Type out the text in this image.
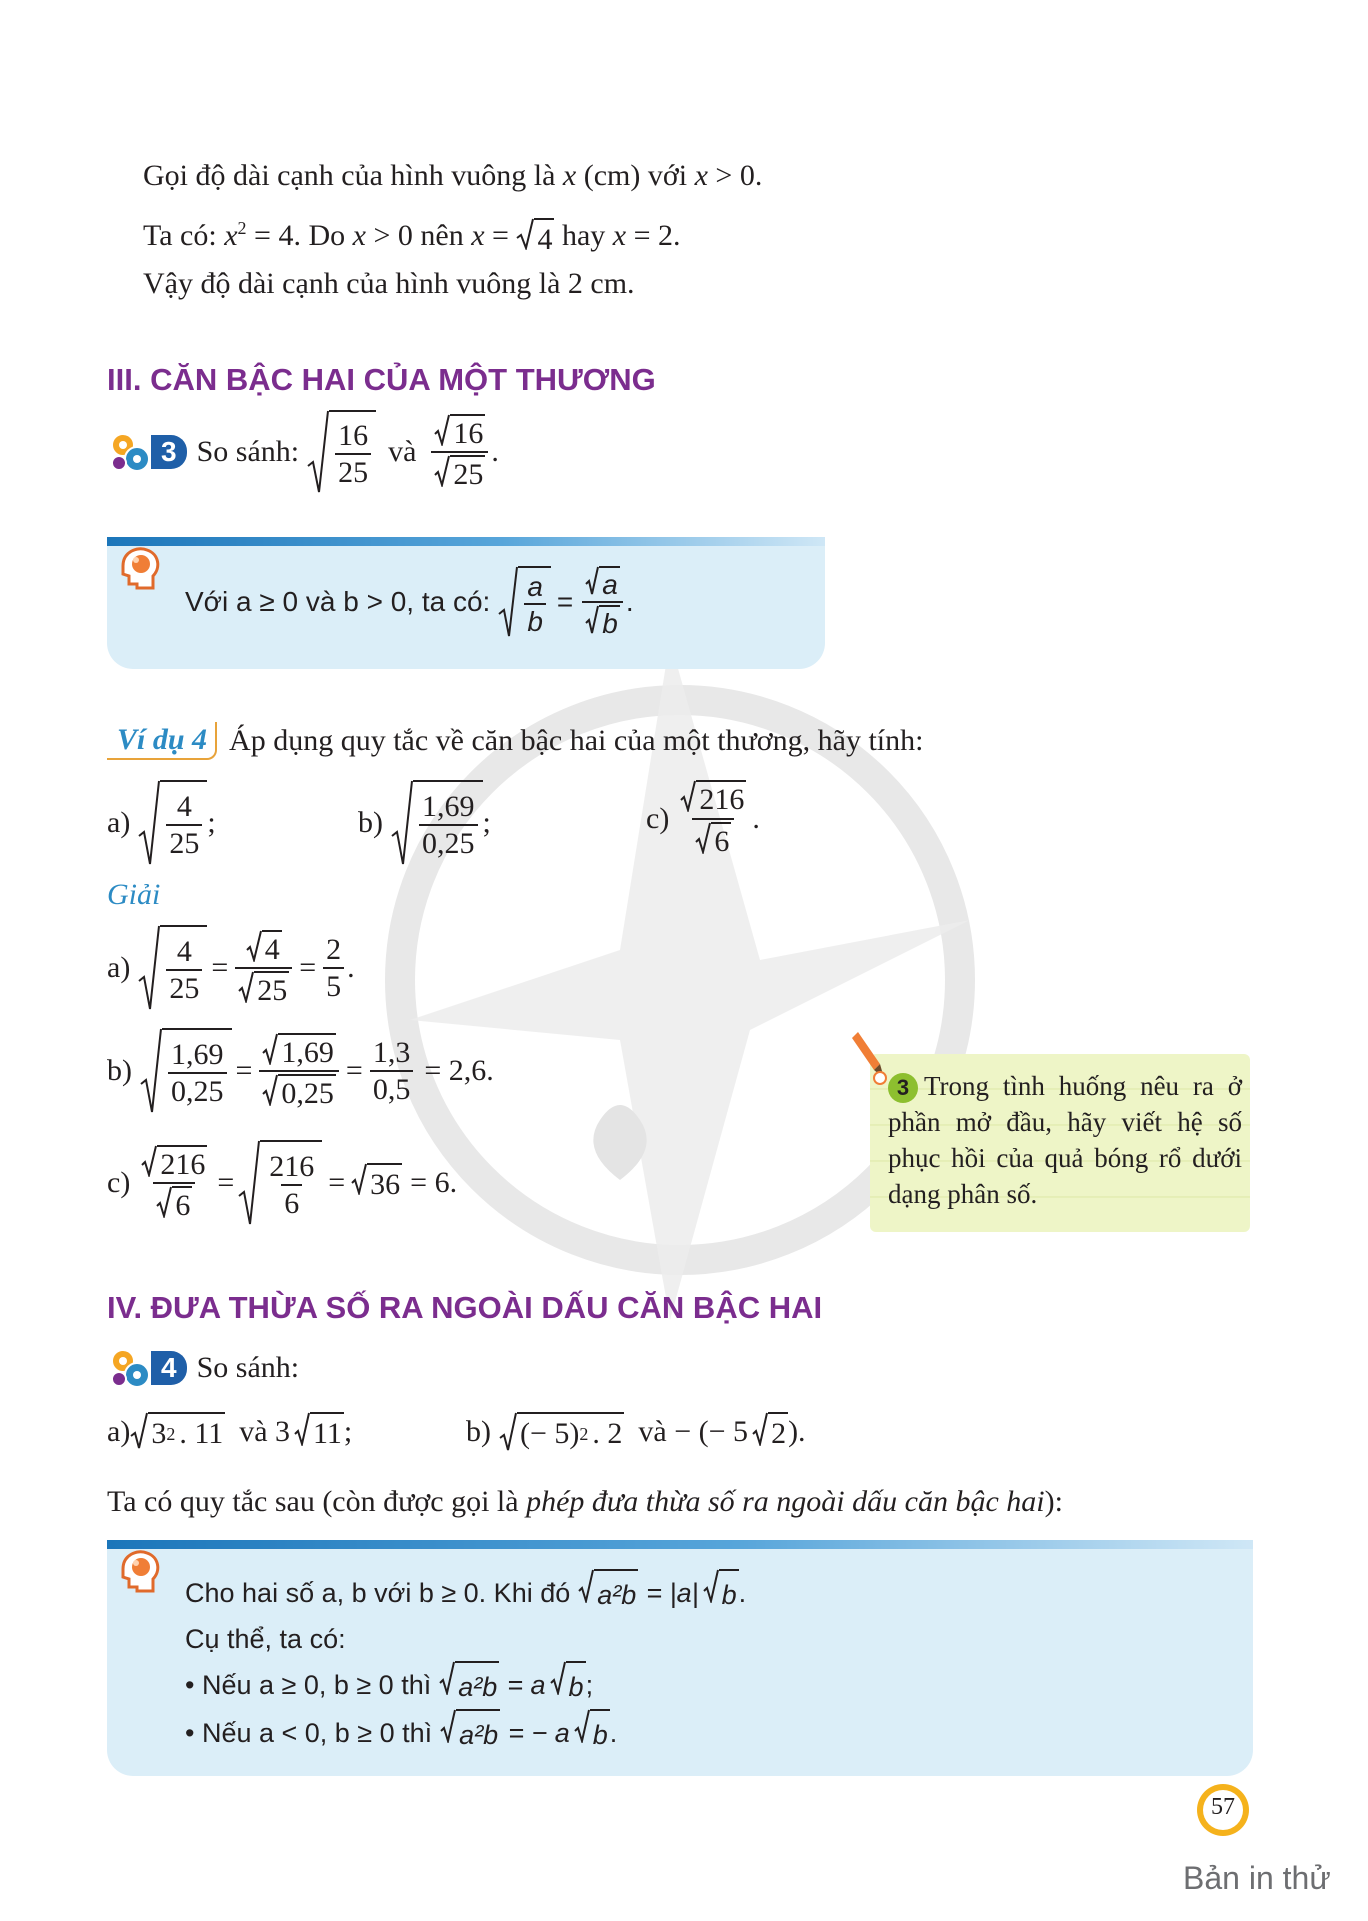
Gọi độ dài cạnh của hình vuông là x (cm) với x > 0.
Ta có: $x^2 = 4$. Do x > 0 nên x = 4 hay x = 2.
Vậy độ dài cạnh của hình vuông là 2 cm.
III. CĂN BẬC HAI CỦA MỘT THƯƠNG
3 So sánh: $\frac{16}{25}$ và $\frac{16}{25}$ .
Với a ≥ 0 và b > 0, ta có: $\frac{a}{b} = \frac{a}{b}$ .
Ví dụ 4 Áp dụng quy tắc về căn bậc hai của một thương, hãy tính:
$a) \frac{4}{25}$ ;	$b) \frac{1,69}{0,25}$ ;	$c) \frac{216}{6}$ .
Giải
$a) \frac{4}{25} = \frac{4}{25} = \frac{2}{5}$ .
$b) \frac{1,69}{0,25} = \frac{1,69}{0,25} = \frac{1,3}{0,5} = 2,6$.
$c) \frac{216}{6} = \frac{216}{6} = 36 = 6$.
3 Trong tình huống nêu ra ở phần mở đầu, hãy viết hệ số phục hồi của quả bóng rổ dưới dạng phân số.
IV. ĐƯA THỪA SỐ RA NGOÀI DẤU CĂN BẬC HAI
4 So sánh:
a) 3 2 . 11 và 3 11 ;	b) (− 5) 2 . 2 và − (− 5 2 ).
Ta có quy tắc sau (còn được gọi là phép đưa thừa số ra ngoài dấu căn bậc hai):
Cho hai số a, b với b ≥ 0. Khi đó a²b = |a| b .
Cụ thể, ta có:
• Nếu a ≥ 0, b ≥ 0 thì a²b = a b ;
• Nếu a < 0, b ≥ 0 thì a²b = − a b .
57
Bản in thử
